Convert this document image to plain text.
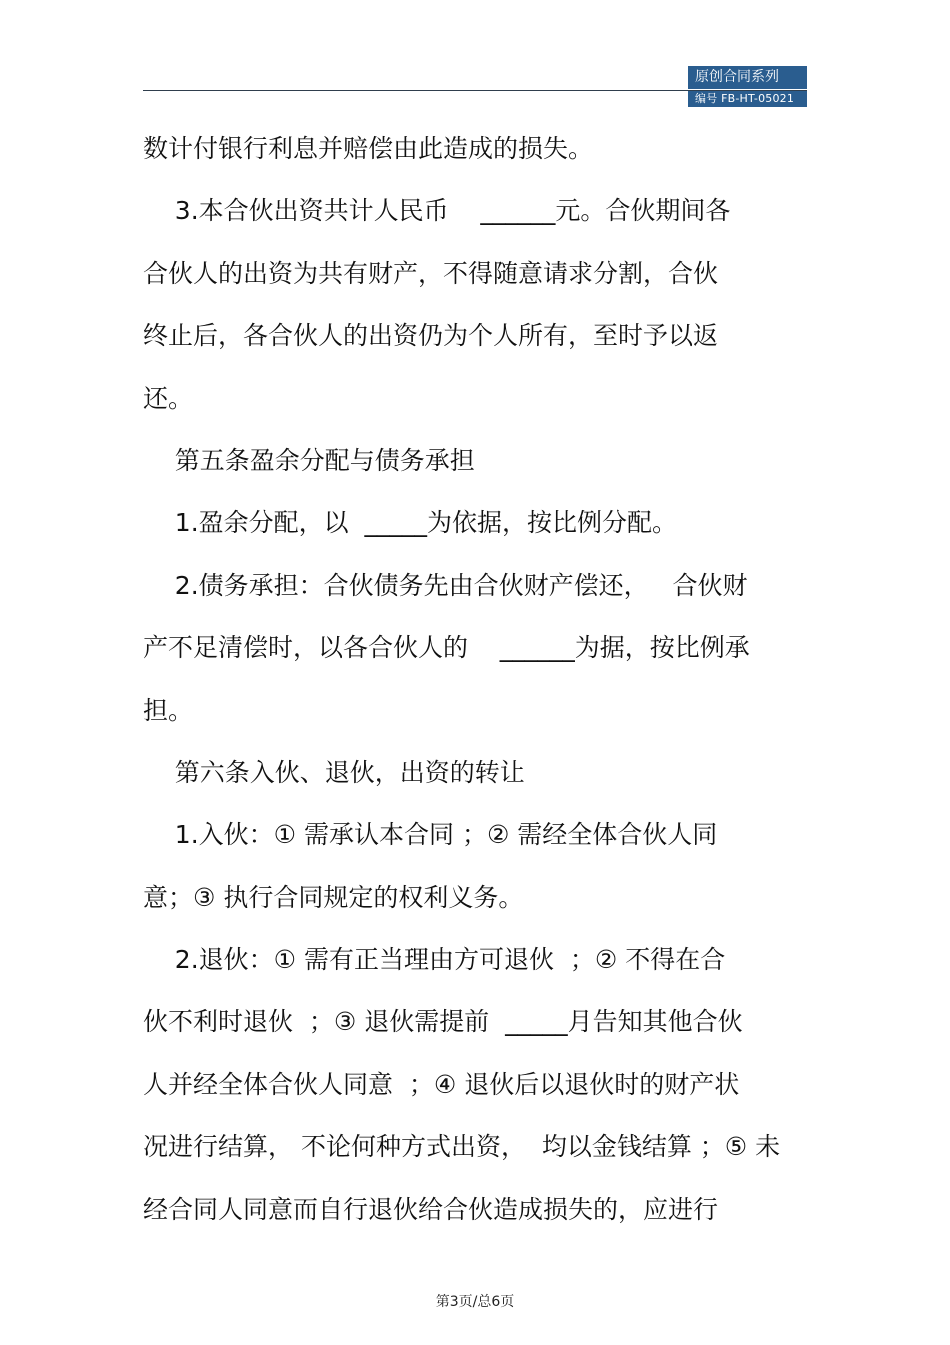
原创合同系列
编号 FB-HT-05021
数计付银行利息并赔偿由此造成的损失。
3.本合伙出资共计人民币    ______元。合伙期间各
合伙人的出资为共有财产，不得随意请求分割，合伙
终止后，各合伙人的出资仍为个人所有，至时予以返
还。
第五条盈余分配与债务承担
1.盈余分配，以  _____为依据，按比例分配。
2.债务承担：合伙债务先由合伙财产偿还，   合伙财
产不足清偿时，以各合伙人的    ______为据，按比例承
担。
第六条入伙、退伙，出资的转让
1.入伙：① 需承认本合同 ；② 需经全体合伙人同
意；③ 执行合同规定的权利义务。
2.退伙：① 需有正当理由方可退伙  ；② 不得在合
伙不利时退伙  ；③ 退伙需提前  _____月告知其他合伙
人并经全体合伙人同意  ；④ 退伙后以退伙时的财产状
况进行结算， 不论何种方式出资，  均以金钱结算 ；⑤ 未
经合同人同意而自行退伙给合伙造成损失的，应进行
第3页/总6页
